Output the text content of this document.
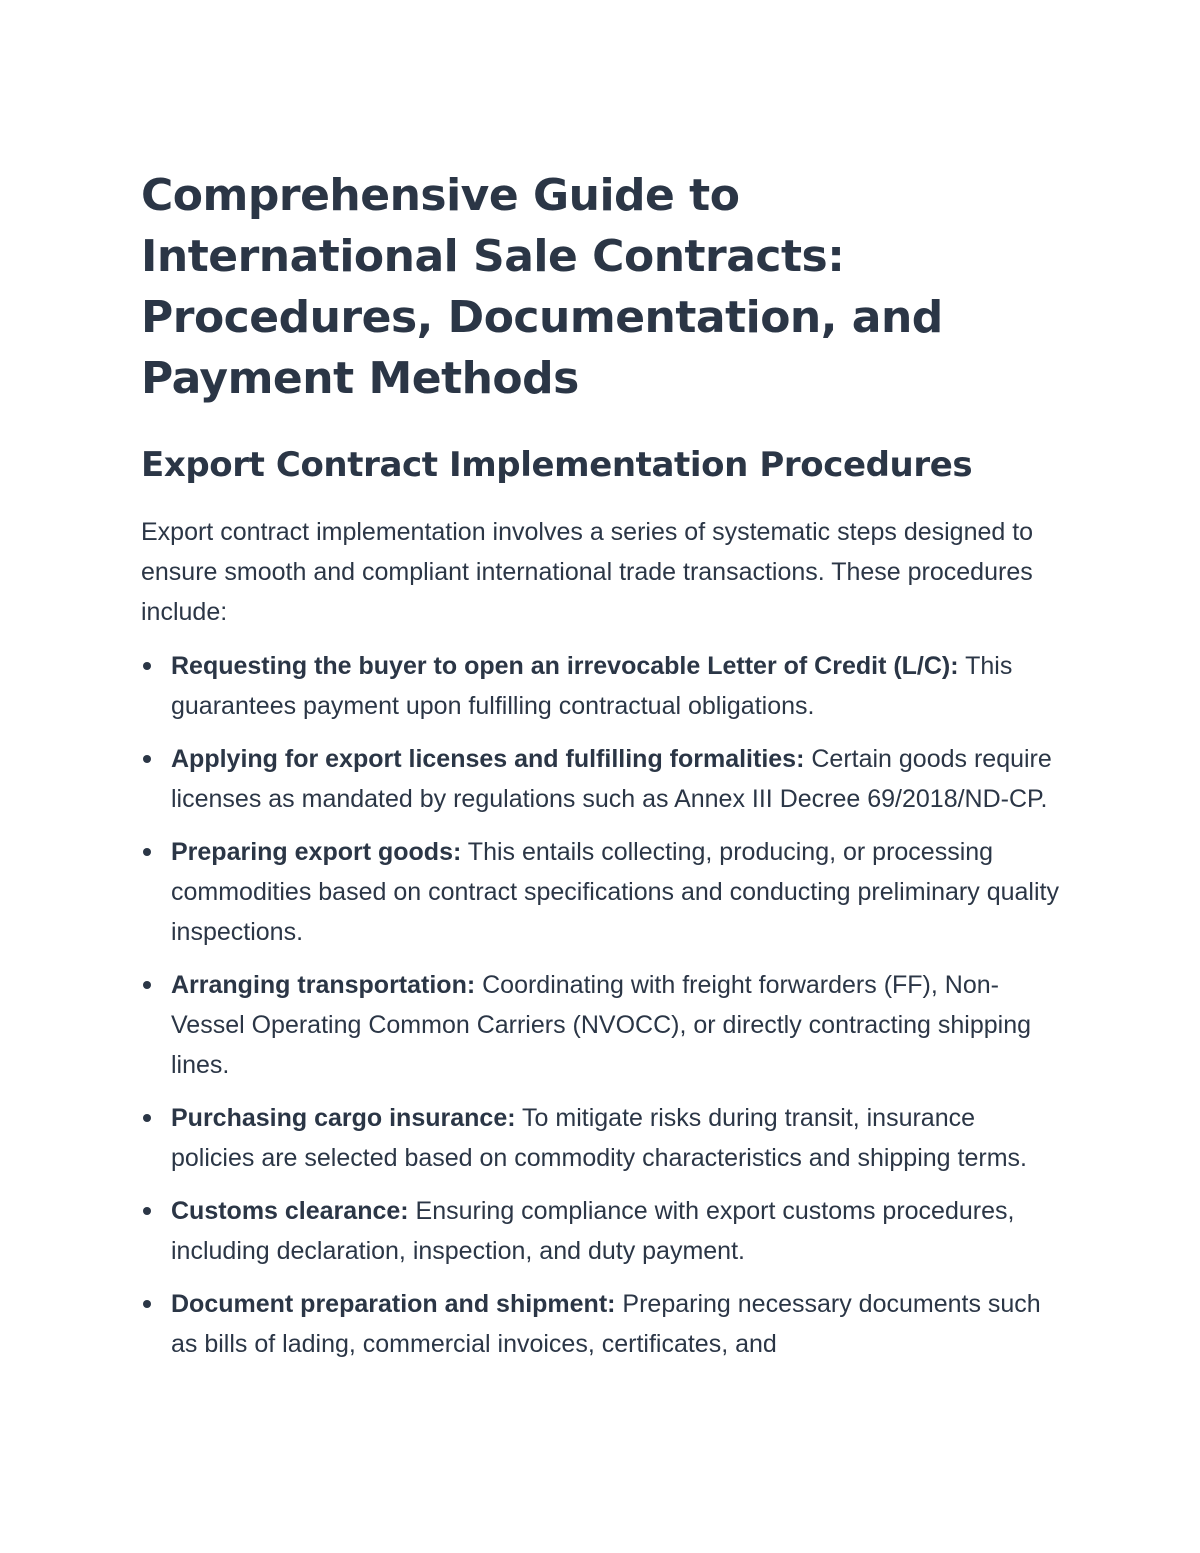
Comprehensive Guide to International Sale Contracts: Procedures, Documentation, and Payment Methods
Export Contract Implementation Procedures

Export contract implementation involves a series of systematic steps designed to ensure smooth and compliant international trade transactions. These procedures include:

Requesting the buyer to open an irrevocable Letter of Credit (L/C): This guarantees payment upon fulfilling contractual obligations.
Applying for export licenses and fulfilling formalities: Certain goods require licenses as mandated by regulations such as Annex III Decree 69/2018/ND-CP.
Preparing export goods: This entails collecting, producing, or processing commodities based on contract specifications and conducting preliminary quality inspections.
Arranging transportation: Coordinating with freight forwarders (FF), Non-Vessel Operating Common Carriers (NVOCC), or directly contracting shipping lines.
Purchasing cargo insurance: To mitigate risks during transit, insurance policies are selected based on commodity characteristics and shipping terms.
Customs clearance: Ensuring compliance with export customs procedures, including declaration, inspection, and duty payment.
Document preparation and shipment: Preparing necessary documents such as bills of lading, commercial invoices, certificates, and
